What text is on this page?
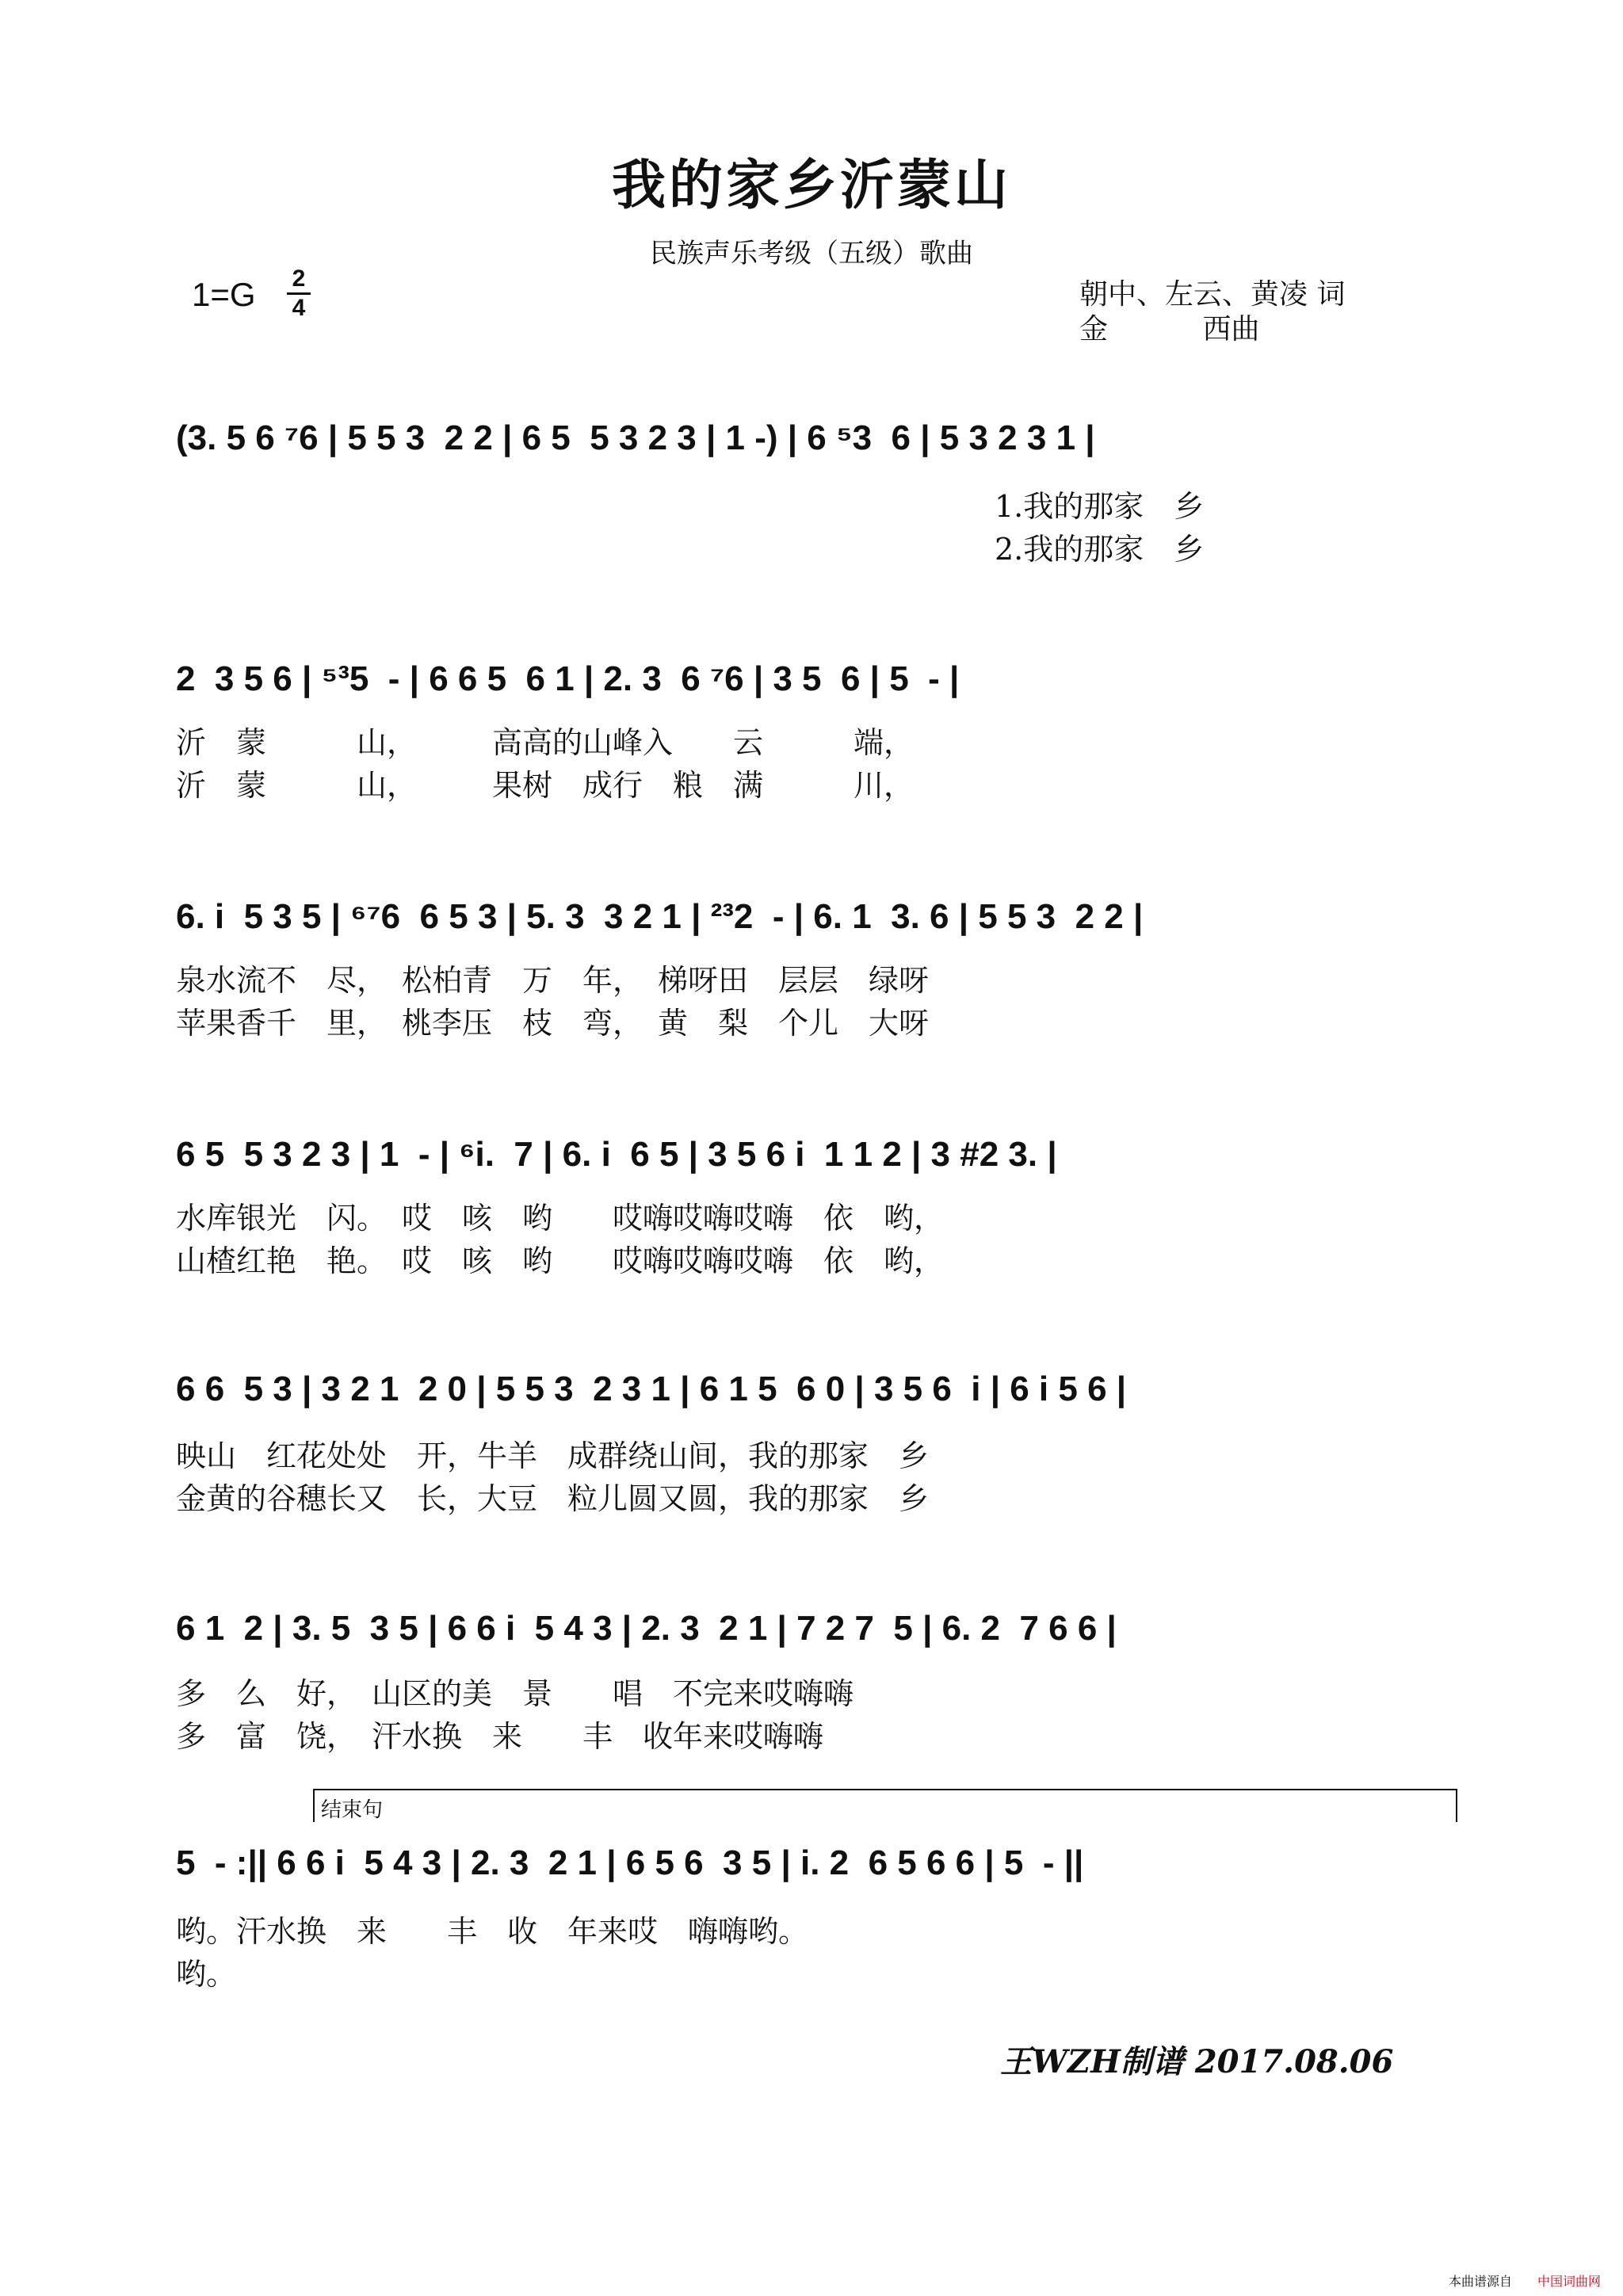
我的家乡沂蒙山
民族声乐考级（五级）歌曲
1=G 2
4	朝中、左云、黄凌 词
金　　　 西曲
(3. 5 6 ⁷6 | 5 5 3  2 2 | 6 5  5 3 2 3 | 1 -) | 6 ⁵3  6 | 5 3 2 3 1 |
1.我的那家　乡
2.我的那家　乡
2  3 5 6 | ⁵³5  - | 6 6 5  6 1 | 2. 3  6 ⁷6 | 3 5  6 | 5  - |
沂　蒙　　　山，　　　高高的山峰入　　云　　　端，
沂　蒙　　　山，　　　果树　成行　粮　满　　　川，
6. i  5 3 5 | ⁶⁷6  6 5 3 | 5. 3  3 2 1 | ²³2  - | 6. 1  3. 6 | 5 5 3  2 2 |
泉水流不　尽，　松柏青　万　年，　梯呀田　层层　绿呀
苹果香千　里，　桃李压　枝　弯，　黄　梨　个儿　大呀
6 5  5 3 2 3 | 1  - | ⁶i.  7 | 6. i  6 5 | 3 5 6 i  1 1 2 | 3 #2 3. |
水库银光　闪。　哎　咳　哟　　哎嗨哎嗨哎嗨　依　哟，
山楂红艳　艳。　哎　咳　哟　　哎嗨哎嗨哎嗨　依　哟，
6 6  5 3 | 3 2 1  2 0 | 5 5 3  2 3 1 | 6 1 5  6 0 | 3 5 6  i | 6 i 5 6 |
映山　红花处处　开，牛羊　成群绕山间，我的那家　乡
金黄的谷穗长又　长，大豆　粒儿圆又圆，我的那家　乡
6 1  2 | 3. 5  3 5 | 6 6 i  5 4 3 | 2. 3  2 1 | 7 2 7  5 | 6. 2  7 6 6 |
多　么　好，　山区的美　景　　唱　不完来哎嗨嗨
多　富　饶，　汗水换　来　　丰　收年来哎嗨嗨
结束句
5  - :|| 6 6 i  5 4 3 | 2. 3  2 1 | 6 5 6  3 5 | i. 2  6 5 6 6 | 5  - ||
哟。汗水换　来　　丰　收　年来哎　嗨嗨哟。
哟。
王WZH制谱 2017.08.06
本曲谱源自 中国词曲网
